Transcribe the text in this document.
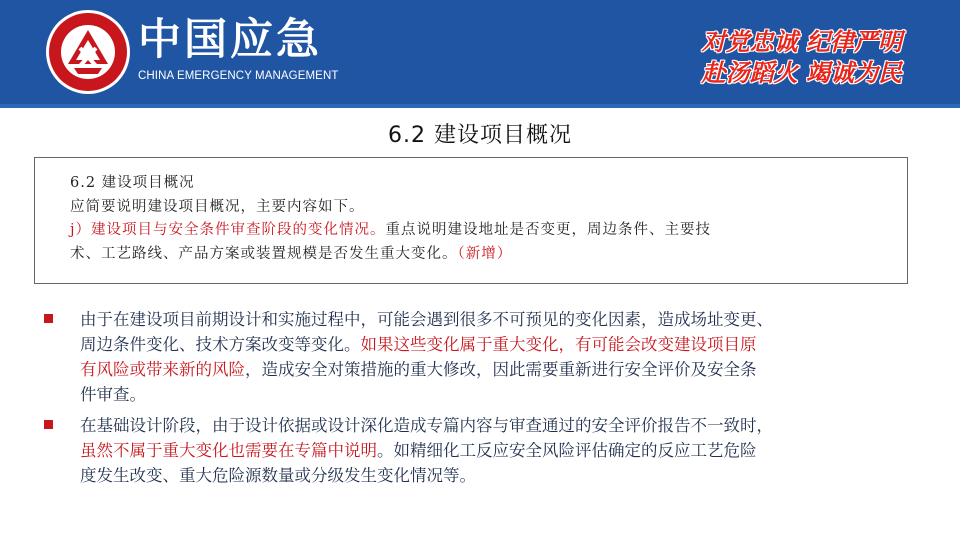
中国应急
CHINA EMERGENCY MANAGEMENT
对党忠诚 纪律严明
赴汤蹈火 竭诚为民
6.2 建设项目概况
6.2 建设项目概况
应简要说明建设项目概况，主要内容如下。
j）建设项目与安全条件审查阶段的变化情况。重点说明建设地址是否变更，周边条件、主要技
术、工艺路线、产品方案或装置规模是否发生重大变化。（新增）
由于在建设项目前期设计和实施过程中，可能会遇到很多不可预见的变化因素，造成场址变更、
周边条件变化、技术方案改变等变化。如果这些变化属于重大变化，有可能会改变建设项目原
有风险或带来新的风险，造成安全对策措施的重大修改，因此需要重新进行安全评价及安全条
件审查。
在基础设计阶段，由于设计依据或设计深化造成专篇内容与审查通过的安全评价报告不一致时，
虽然不属于重大变化也需要在专篇中说明。如精细化工反应安全风险评估确定的反应工艺危险
度发生改变、重大危险源数量或分级发生变化情况等。
